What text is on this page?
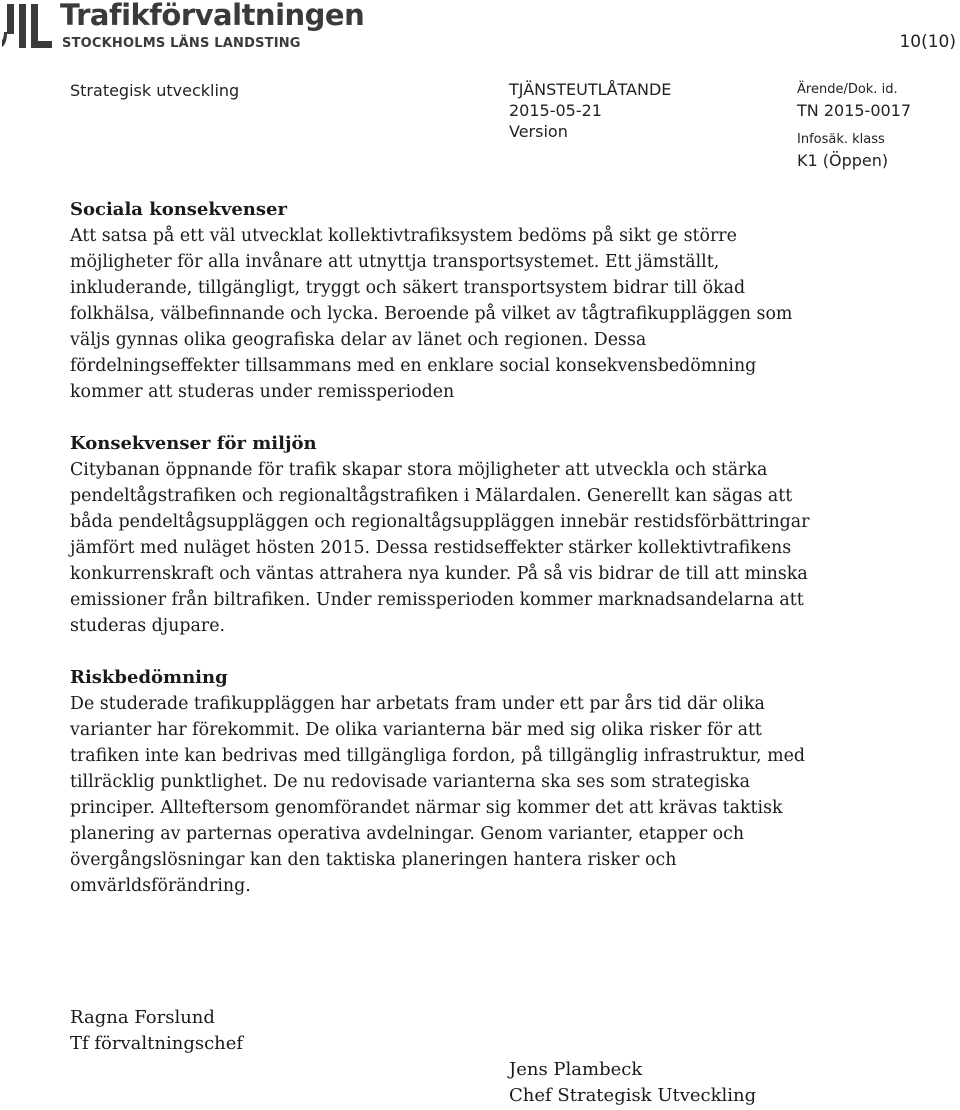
Trafikförvaltningen
STOCKHOLMS LÄNS LANDSTING	10(10)
Strategisk utveckling	TJÄNSTEUTLÅTANDE
2015-05-21
Version
Ärende/Dok. id.
TN 2015-0017
Infosäk. klass
K1 (Öppen)
Sociala konsekvenser

Att satsa på ett väl utvecklat kollektivtrafiksystem bedöms på sikt ge större möjligheter för alla invånare att utnyttja transportsystemet. Ett jämställt, inkluderande, tillgängligt, tryggt och säkert transportsystem bidrar till ökad folkhälsa, välbefinnande och lycka. Beroende på vilket av tågtrafikuppläggen som väljs gynnas olika geografiska delar av länet och regionen. Dessa fördelningseffekter tillsammans med en enklare social konsekvensbedömning kommer att studeras under remissperioden

Konsekvenser för miljön

Citybanan öppnande för trafik skapar stora möjligheter att utveckla och stärka pendeltågstrafiken och regionaltågstrafiken i Mälardalen. Generellt kan sägas att båda pendeltågsuppläggen och regionaltågsuppläggen innebär restidsförbättringar jämfört med nuläget hösten 2015. Dessa restidseffekter stärker kollektivtrafikens konkurrenskraft och väntas attrahera nya kunder. På så vis bidrar de till att minska emissioner från biltrafiken. Under remissperioden kommer marknadsandelarna att studeras djupare.

Riskbedömning

De studerade trafikuppläggen har arbetats fram under ett par års tid där olika varianter har förekommit. De olika varianterna bär med sig olika risker för att trafiken inte kan bedrivas med tillgängliga fordon, på tillgänglig infrastruktur, med tillräcklig punktlighet. De nu redovisade varianterna ska ses som strategiska principer. Allteftersom genomförandet närmar sig kommer det att krävas taktisk planering av parternas operativa avdelningar. Genom varianter, etapper och övergångslösningar kan den taktiska planeringen hantera risker och omvärldsförändring.

Ragna Forslund
Tf förvaltningschef
Jens Plambeck
Chef Strategisk Utveckling
